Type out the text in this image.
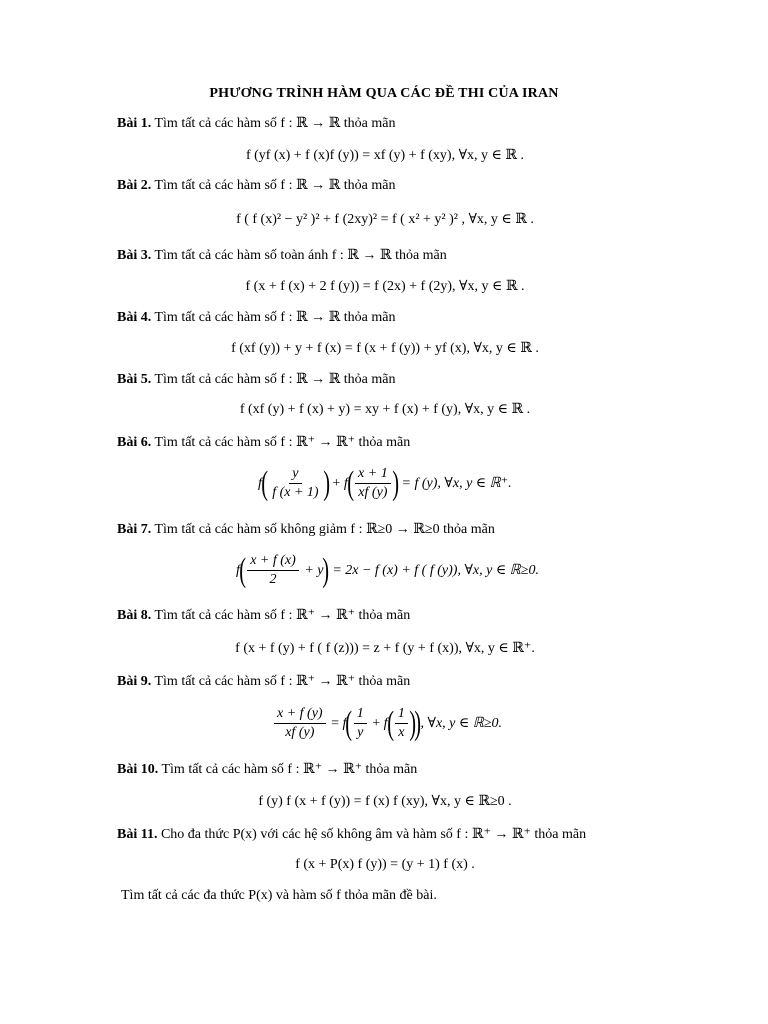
PHƯƠNG TRÌNH HÀM QUA CÁC ĐỀ THI CỦA IRAN
Bài 1. Tìm tất cả các hàm số f : ℝ → ℝ thỏa mãn
f (yf (x) + f (x)f (y)) = xf (y) + f (xy), ∀x, y ∈ ℝ .
Bài 2. Tìm tất cả các hàm số f : ℝ → ℝ thỏa mãn
f ( f (x)² − y² )² + f (2xy)² = f ( x² + y² )² , ∀x, y ∈ ℝ .
Bài 3. Tìm tất cả các hàm số toàn ánh f : ℝ → ℝ thỏa mãn
f (x + f (x) + 2 f (y)) = f (2x) + f (2y), ∀x, y ∈ ℝ .
Bài 4. Tìm tất cả các hàm số f : ℝ → ℝ thỏa mãn
f (xf (y)) + y + f (x) = f (x + f (y)) + yf (x), ∀x, y ∈ ℝ .
Bài 5. Tìm tất cả các hàm số f : ℝ → ℝ thỏa mãn
f (xf (y) + f (x) + y) = xy + f (x) + f (y), ∀x, y ∈ ℝ .
Bài 6. Tìm tất cả các hàm số f : ℝ⁺ → ℝ⁺ thỏa mãn
f ( $\frac{y}{f (x + 1)}$ ) + f ( $\frac{x + 1}{xf (y)}$ )
= f (y), ∀x, y ∈ ℝ⁺.
Bài 7. Tìm tất cả các hàm số không giảm f : ℝ≥0 → ℝ≥0 thỏa mãn
f ( $\frac{x + f (x)}{2}$
+ y )
= 2x − f (x) + f ( f (y)), ∀x, y ∈ ℝ≥0.
Bài 8. Tìm tất cả các hàm số f : ℝ⁺ → ℝ⁺ thỏa mãn
f (x + f (y) + f ( f (z))) = z + f (y + f (x)), ∀x, y ∈ ℝ⁺.
Bài 9. Tìm tất cả các hàm số f : ℝ⁺ → ℝ⁺ thỏa mãn
$\frac{x + f (y)}{xf (y)} = f$ ( $\frac{1}{y} + f$ ( $\frac{1}{x}$ )
) , ∀x, y ∈ ℝ≥0.
Bài 10. Tìm tất cả các hàm số f : ℝ⁺ → ℝ⁺ thỏa mãn
f (y) f (x + f (y)) = f (x) f (xy), ∀x, y ∈ ℝ≥0 .
Bài 11. Cho đa thức P(x) với các hệ số không âm và hàm số f : ℝ⁺ → ℝ⁺ thỏa mãn
f (x + P(x) f (y)) = (y + 1) f (x) .
Tìm tất cả các đa thức P(x) và hàm số f thỏa mãn đề bài.
